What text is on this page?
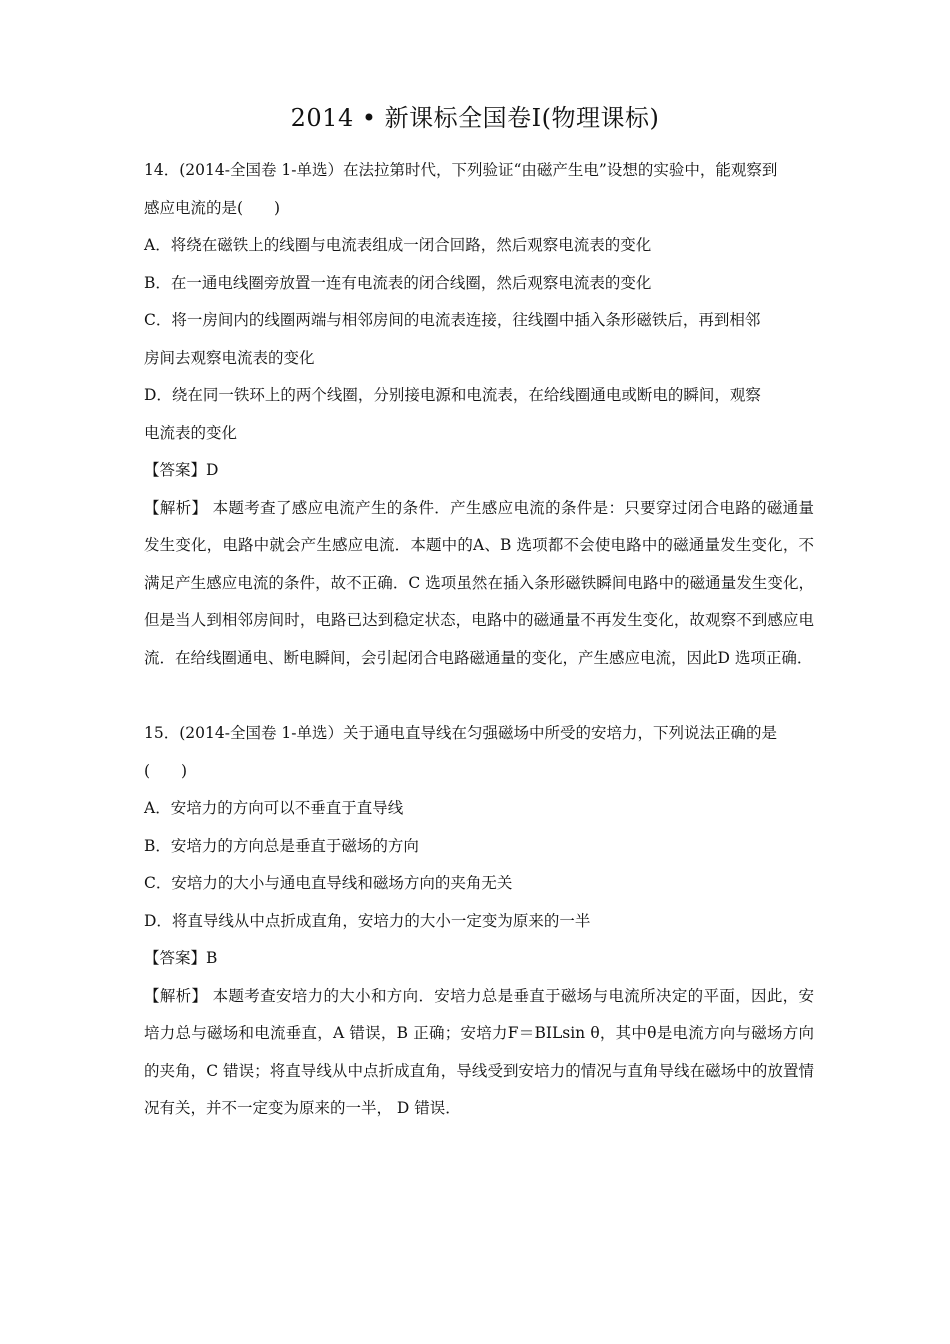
2014 • 新课标全国卷Ⅰ(物理课标)
14．(2014-全国卷 1-单选）在法拉第时代，下列验证“由磁产生电”设想的实验中，能观察到
感应电流的是(　　)
A．将绕在磁铁上的线圈与电流表组成一闭合回路，然后观察电流表的变化
B．在一通电线圈旁放置一连有电流表的闭合线圈，然后观察电流表的变化
C．将一房间内的线圈两端与相邻房间的电流表连接，往线圈中插入条形磁铁后，再到相邻
房间去观察电流表的变化
D．绕在同一铁环上的两个线圈，分别接电源和电流表，在给线圈通电或断电的瞬间，观察
电流表的变化
【答案】D
【解析】 本题考查了感应电流产生的条件．产生感应电流的条件是：只要穿过闭合电路的磁通量发生变化，电路中就会产生感应电流．本题中的A、B 选项都不会使电路中的磁通量发生变化，不满足产生感应电流的条件，故不正确．C 选项虽然在插入条形磁铁瞬间电路中的磁通量发生变化，但是当人到相邻房间时，电路已达到稳定状态，电路中的磁通量不再发生变化，故观察不到感应电流．在给线圈通电、断电瞬间，会引起闭合电路磁通量的变化，产生感应电流，因此D 选项正确．
15．(2014-全国卷 1-单选）关于通电直导线在匀强磁场中所受的安培力，下列说法正确的是
(　　)
A．安培力的方向可以不垂直于直导线
B．安培力的方向总是垂直于磁场的方向
C．安培力的大小与通电直导线和磁场方向的夹角无关
D．将直导线从中点折成直角，安培力的大小一定变为原来的一半
【答案】B
【解析】 本题考查安培力的大小和方向．安培力总是垂直于磁场与电流所决定的平面，因此，安培力总与磁场和电流垂直，A 错误，B 正确；安培力F＝BILsin θ，其中θ是电流方向与磁场方向的夹角，C 错误；将直导线从中点折成直角，导线受到安培力的情况与直角导线在磁场中的放置情况有关，并不一定变为原来的一半， D 错误．
